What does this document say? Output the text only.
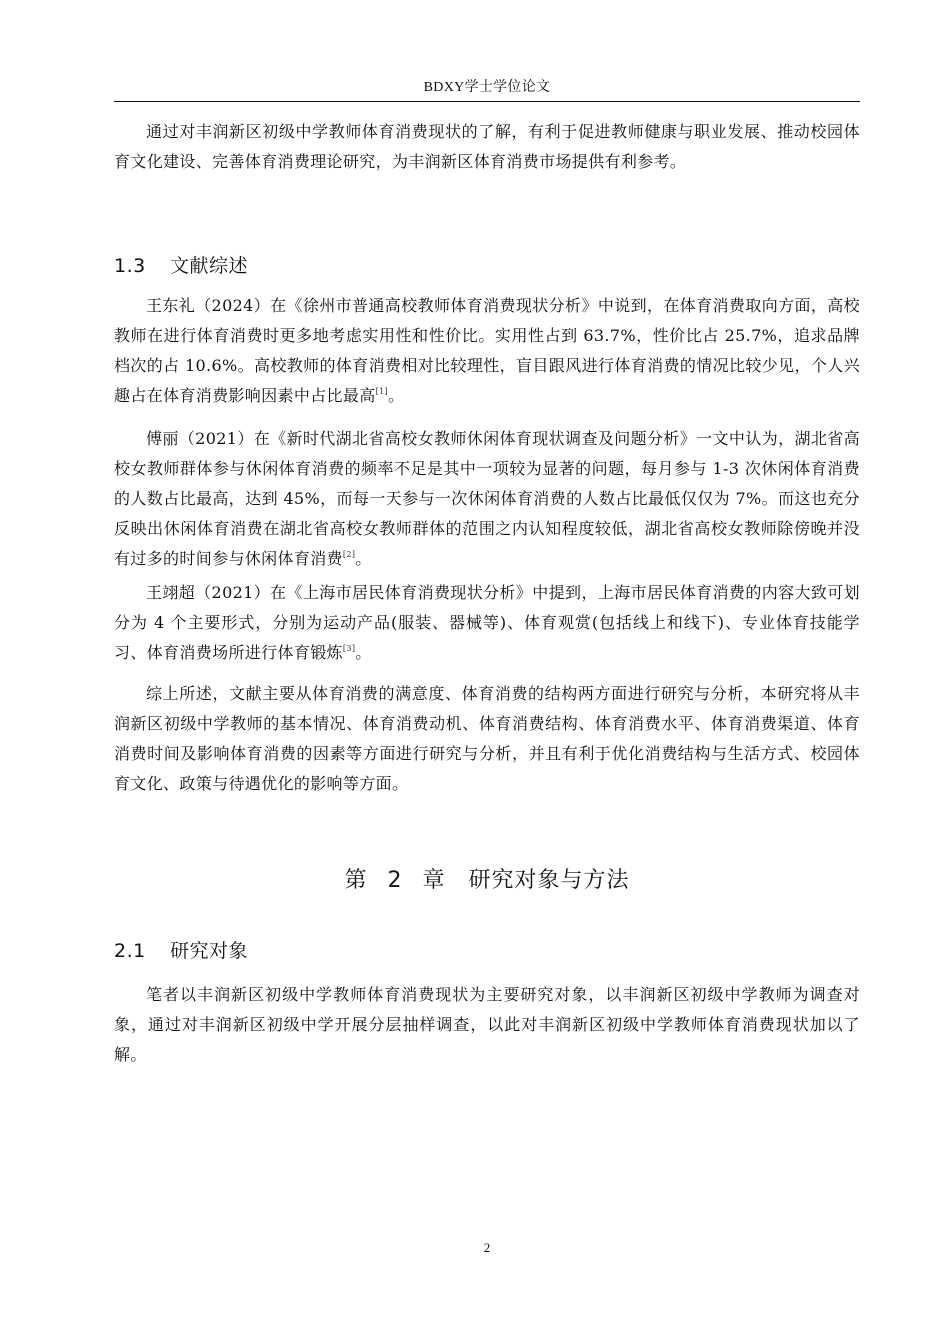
BDXY学士学位论文

通过对丰润新区初级中学教师体育消费现状的了解，有利于促进教师健康与职业发展、推动校园体育文化建设、完善体育消费理论研究，为丰润新区体育消费市场提供有利参考。

1.3 文献综述

王东礼（2024）在《徐州市普通高校教师体育消费现状分析》中说到，在体育消费取向方面，高校教师在进行体育消费时更多地考虑实用性和性价比。实用性占到 63.7%，性价比占 25.7%，追求品牌档次的占 10.6%。高校教师的体育消费相对比较理性，盲目跟风进行体育消费的情况比较少见，个人兴趣占在体育消费影响因素中占比最高[1]。

傅丽（2021）在《新时代湖北省高校女教师休闲体育现状调查及问题分析》一文中认为，湖北省高校女教师群体参与休闲体育消费的频率不足是其中一项较为显著的问题，每月参与 1-3 次休闲体育消费的人数占比最高，达到 45%，而每一天参与一次休闲体育消费的人数占比最低仅仅为 7%。而这也充分反映出休闲体育消费在湖北省高校女教师群体的范围之内认知程度较低，湖北省高校女教师除傍晚并没有过多的时间参与休闲体育消费[2]。

王翊超（2021）在《上海市居民体育消费现状分析》中提到，上海市居民体育消费的内容大致可划分为 4 个主要形式，分别为运动产品(服装、器械等)、体育观赏(包括线上和线下)、专业体育技能学习、体育消费场所进行体育锻炼[3]。

综上所述，文献主要从体育消费的满意度、体育消费的结构两方面进行研究与分析，本研究将从丰润新区初级中学教师的基本情况、体育消费动机、体育消费结构、体育消费水平、体育消费渠道、体育消费时间及影响体育消费的因素等方面进行研究与分析，并且有利于优化消费结构与生活方式、校园体育文化、政策与待遇优化的影响等方面。

第 2 章　研究对象与方法
2.1 研究对象

笔者以丰润新区初级中学教师体育消费现状为主要研究对象，以丰润新区初级中学教师为调查对象，通过对丰润新区初级中学开展分层抽样调查，以此对丰润新区初级中学教师体育消费现状加以了解。

2
